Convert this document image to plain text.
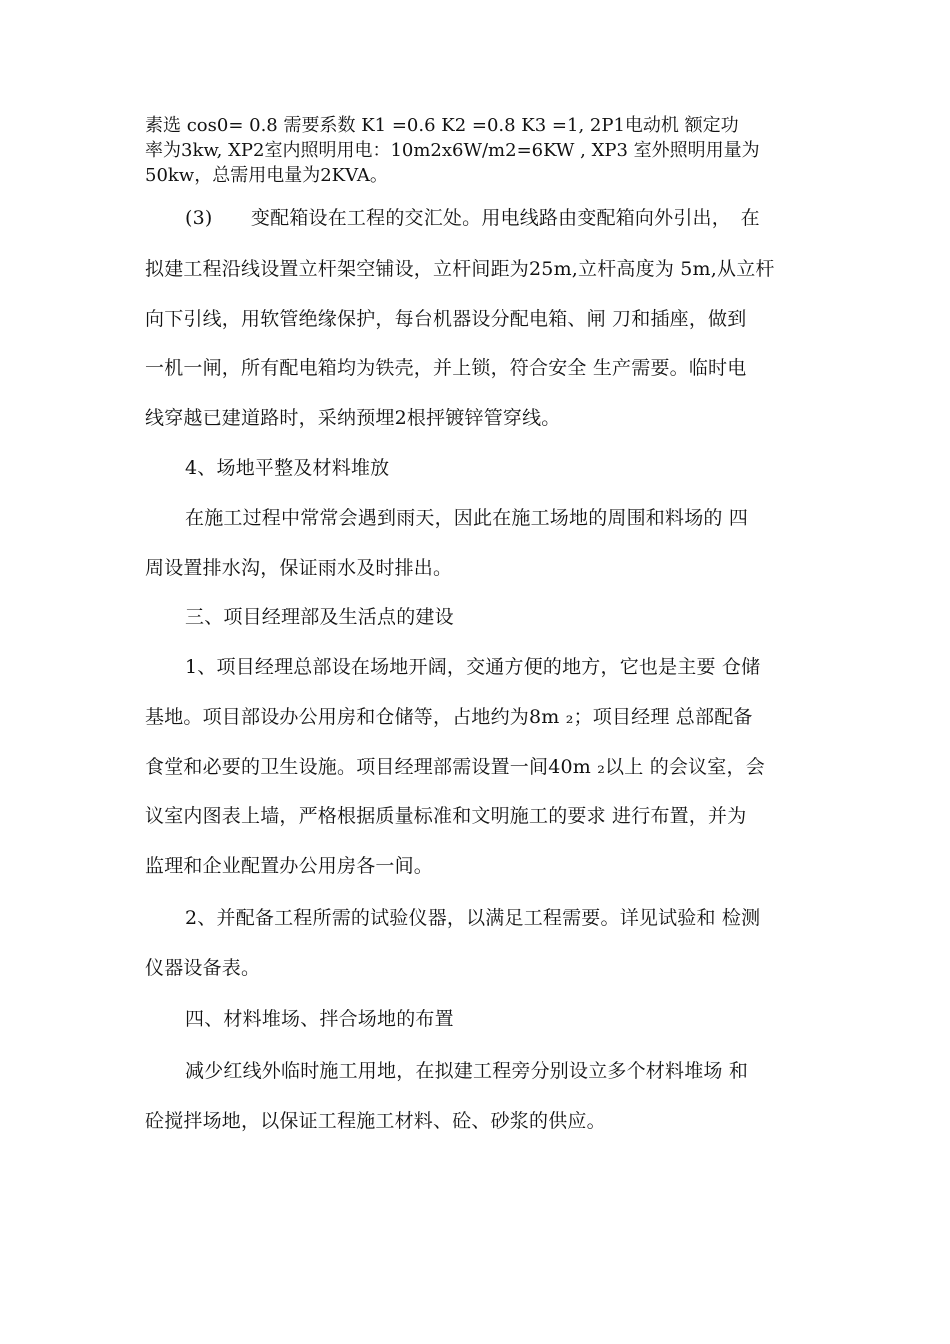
素选 cos0= 0.8 需要系数 K1 =0.6 K2 =0.8 K3 =1, 2P1电动机 额定功
率为3kw, XP2室内照明用电：10m2x6W/m2=6KW , XP3 室外照明用量为
50kw，总需用电量为2KVA。
(3)　　变配箱设在工程的交汇处。用电线路由变配箱向外引出，　在
拟建工程沿线设置立杆架空铺设，立杆间距为25m,立杆高度为 5m,从立杆
向下引线，用软管绝缘保护，每台机器设分配电箱、闸 刀和插座，做到
一机一闸，所有配电箱均为铁壳，并上锁，符合安全 生产需要。临时电
线穿越已建道路时，采纳预埋2根抨镀锌管穿线。
4、场地平整及材料堆放
在施工过程中常常会遇到雨天，因此在施工场地的周围和料场的 四
周设置排水沟，保证雨水及时排出。
三、项目经理部及生活点的建设
1、项目经理总部设在场地开阔，交通方便的地方，它也是主要 仓储
基地。项目部设办公用房和仓储等，占地约为8m ₂；项目经理 总部配备
食堂和必要的卫生设施。项目经理部需设置一间40m ₂以上 的会议室，会
议室内图表上墙，严格根据质量标准和文明施工的要求 进行布置，并为
监理和企业配置办公用房各一间。
2、并配备工程所需的试验仪器，以满足工程需要。详见试验和 检测
仪器设备表。
四、材料堆场、拌合场地的布置
减少红线外临时施工用地，在拟建工程旁分别设立多个材料堆场 和
砼搅拌场地，以保证工程施工材料、砼、砂浆的供应。
